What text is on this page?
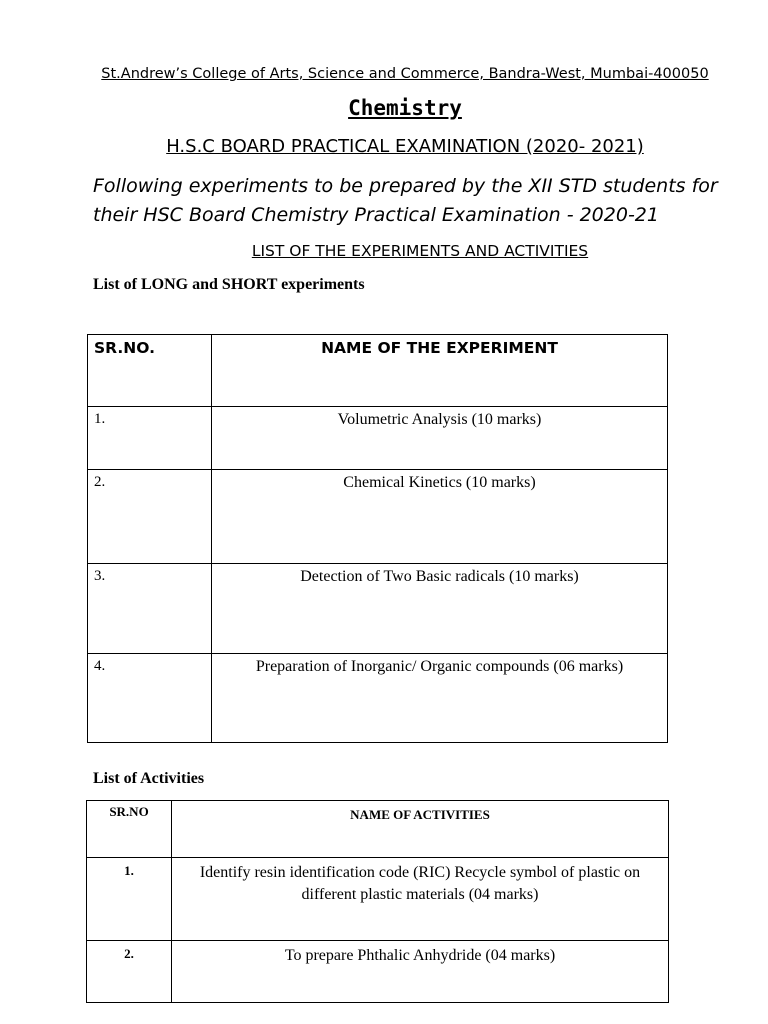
St.Andrew’s College of Arts, Science and Commerce, Bandra-West, Mumbai-400050
Chemistry
H.S.C BOARD PRACTICAL EXAMINATION (2020- 2021)
Following experiments to be prepared by the XII STD students for their HSC Board Chemistry Practical Examination - 2020-21
LIST OF THE EXPERIMENTS AND ACTIVITIES
List of LONG and SHORT experiments
SR.NO.	NAME OF THE EXPERIMENT
1.	Volumetric Analysis (10 marks)
2.	Chemical Kinetics (10 marks)
3.	Detection of Two Basic radicals (10 marks)
4.	Preparation of Inorganic/ Organic compounds (06 marks)
List of Activities
SR.NO	NAME OF ACTIVITIES
1.	Identify resin identification code (RIC) Recycle symbol of plastic on different plastic materials (04 marks)
2.	To prepare Phthalic Anhydride (04 marks)
